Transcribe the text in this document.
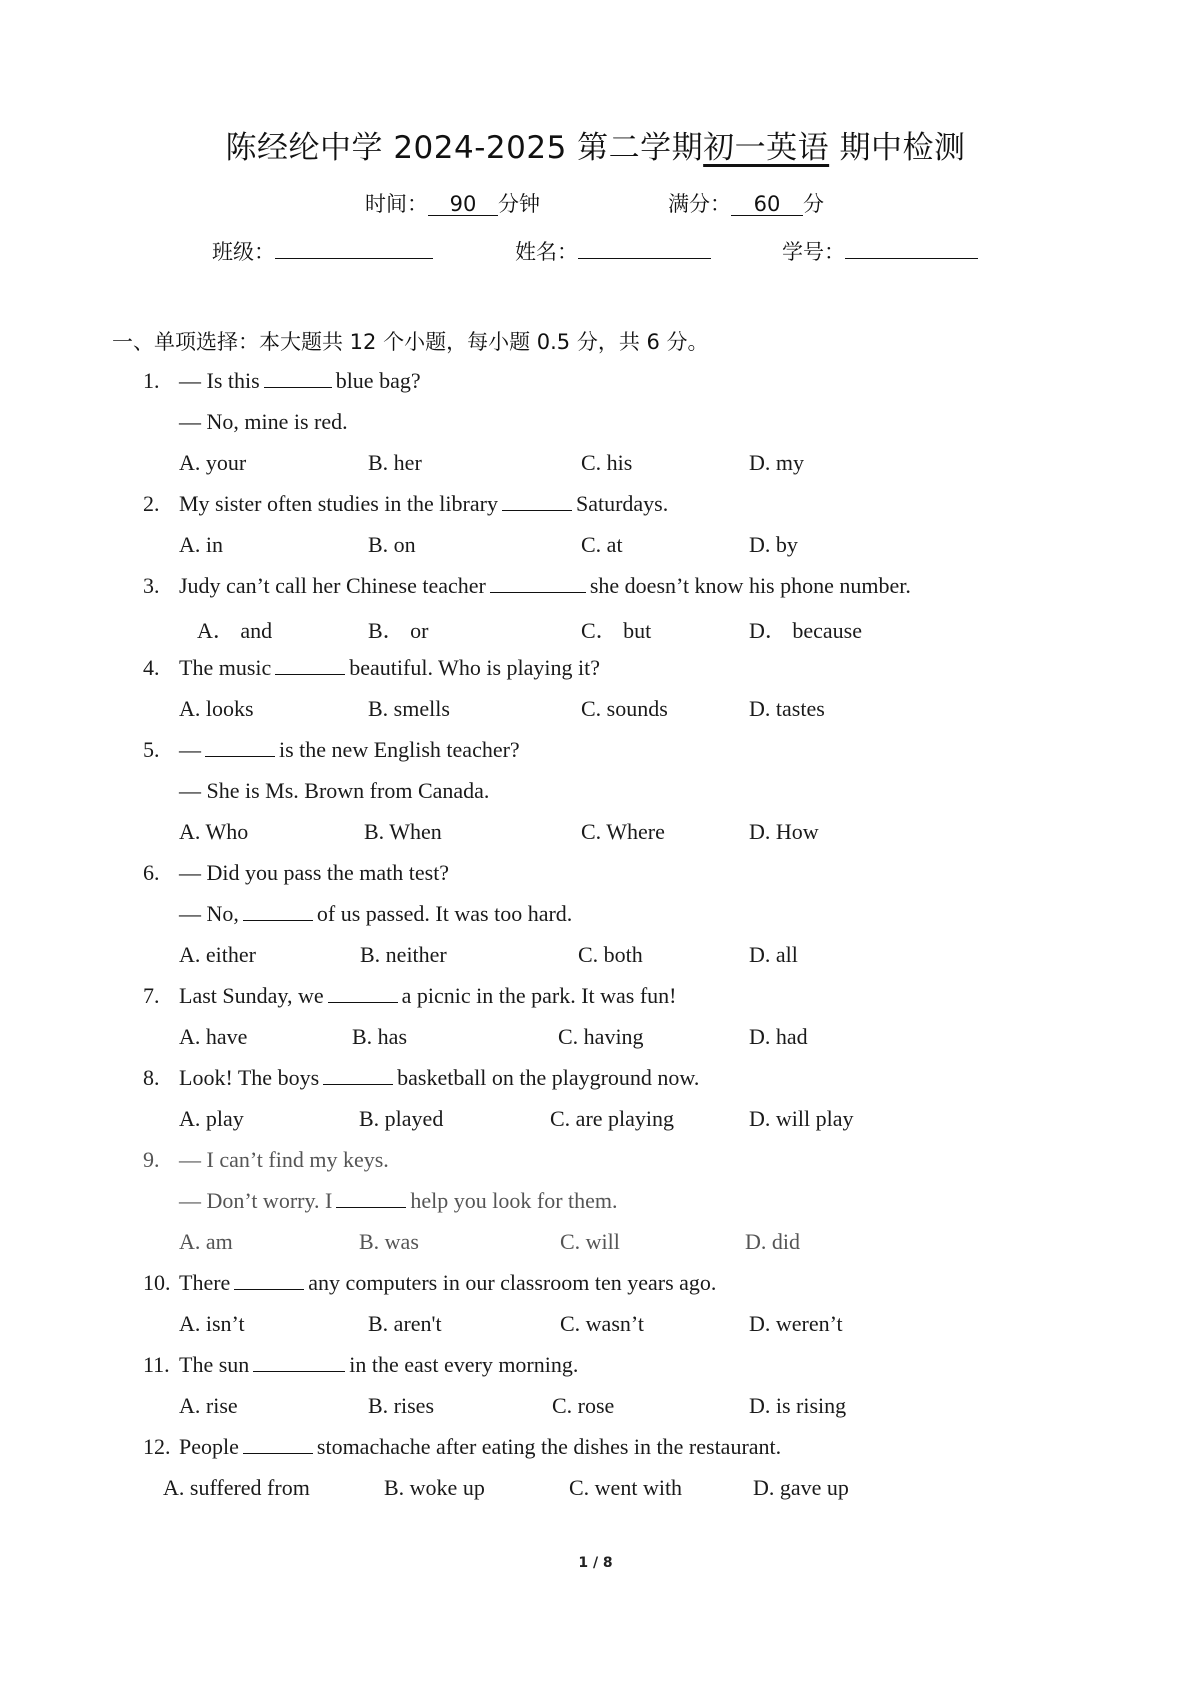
陈经纶中学 2024-2025 第二学期初一英语 期中检测
时间： 90 分钟	满分： 60 分
班级：	姓名：	学号：
一、单项选择：本大题共 12 个小题，每小题 0.5 分，共 6 分。
1. — Is this	blue bag?
— No, mine is red.
A. your	B. her	C. his	D. my
2. My sister often studies in the library	Saturdays.
A. in	B. on	C. at	D. by
3. Judy can’t call her Chinese teacher	she doesn’t know his phone number.
A． and	B． or	C． but	D． because
4. The music	beautiful. Who is playing it?
A. looks	B. smells	C. sounds	D. tastes
5. —	is the new English teacher?
— She is Ms. Brown from Canada.
A. Who	B. When	C. Where	D. How
6. — Did you pass the math test?
— No,	of us passed. It was too hard.
A. either	B. neither	C. both	D. all
7. Last Sunday, we	a picnic in the park. It was fun!
A. have	B. has	C. having	D. had
8. Look! The boys	basketball on the playground now.
A. play	B. played	C. are playing	D. will play
9. — I can’t find my keys.
— Don’t worry. I	help you look for them.
A. am	B. was	C. will	D. did
10. There	any computers in our classroom ten years ago.
A. isn’t	B. aren't	C. wasn’t	D. weren’t
11. The sun	in the east every morning.
A. rise	B. rises	C. rose	D. is rising
12. People	stomachache after eating the dishes in the restaurant.
A. suffered from	B. woke up	C. went with	D. gave up
1 / 8
